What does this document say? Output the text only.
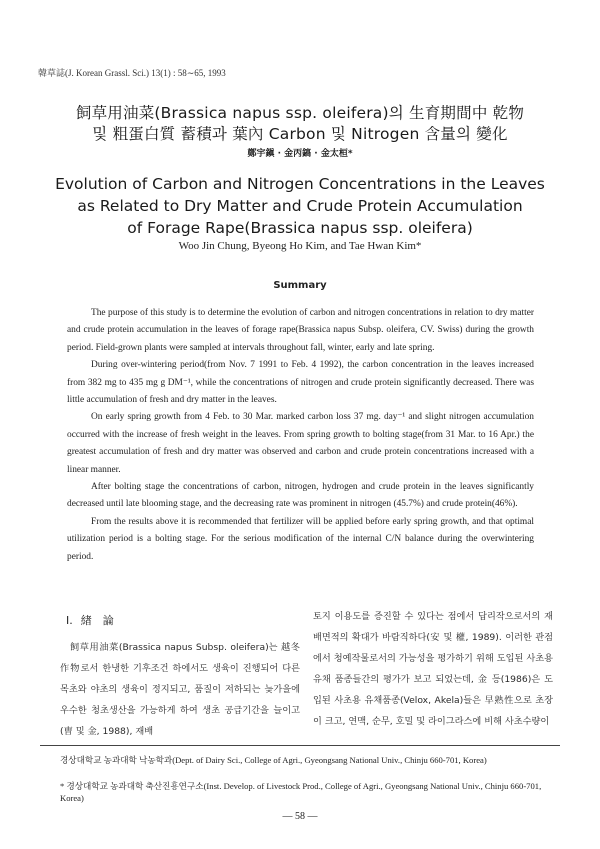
韓草誌(J. Korean Grassl. Sci.) 13(1) : 58∼65, 1993
飼草用油菜(Brassica napus ssp. oleifera)의 生育期間中 乾物
및 粗蛋白質 蓄積과 葉內 Carbon 및 Nitrogen 含量의 變化
鄭宇鎭 · 金丙鎬 · 金太桓*
Evolution of Carbon and Nitrogen Concentrations in the Leaves
as Related to Dry Matter and Crude Protein Accumulation
of Forage Rape(Brassica napus ssp. oleifera)
Woo Jin Chung, Byeong Ho Kim, and Tae Hwan Kim*
Summary

The purpose of this study is to determine the evolution of carbon and nitrogen concentrations in relation to dry matter and crude protein accumulation in the leaves of forage rape(Brassica napus Subsp. oleifera, CV. Swiss) during the growth period. Field-grown plants were sampled at intervals throughout fall, winter, early and late spring.

During over-wintering period(from Nov. 7 1991 to Feb. 4 1992), the carbon concentration in the leaves increased from 382 mg to 435 mg g DM⁻¹, while the concentrations of nitrogen and crude protein significantly decreased. There was little accumulation of fresh and dry matter in the leaves.

On early spring growth from 4 Feb. to 30 Mar. marked carbon loss 37 mg. day⁻¹ and slight nitrogen accumulation occurred with the increase of fresh weight in the leaves. From spring growth to bolting stage(from 31 Mar. to 16 Apr.) the greatest accumulation of fresh and dry matter was observed and carbon and crude protein concentrations increased with a linear manner.

After bolting stage the concentrations of carbon, nitrogen, hydrogen and crude protein in the leaves significantly decreased until late blooming stage, and the decreasing rate was prominent in nitrogen (45.7%) and crude protein(46%).

From the results above it is recommended that fertilizer will be applied before early spring growth, and that optimal utilization period is a bolting stage. For the serious modification of the internal C/N balance during the overwintering period.

Ⅰ. 緖　論

飼草用油菜(Brassica napus Subsp. oleifera)는 越冬作物로서 한냉한 기후조건 하에서도 생육이 진행되어 다른 목초와 야초의 생육이 정지되고, 품질이 저하되는 늦가을에 우수한 청초생산을 가능하게 하여 생초 공급기간을 늘이고(曺 및 金, 1988), 재배

토지 이용도를 증진할 수 있다는 점에서 답리작으로서의 재배면적의 확대가 바람직하다(安 및 權, 1989). 이러한 관점에서 청예작물로서의 가능성을 평가하기 위해 도입된 사초용유채 품종들간의 평가가 보고 되었는데, 金 등(1986)은 도입된 사초용 유채품종(Velox, Akela)들은 早熟性으로 초장이 크고, 연맥, 순무, 호밀 및 라이그라스에 비해 사초수량이

경상대학교 농과대학 낙농학과(Dept. of Dairy Sci., College of Agri., Gyeongsang National Univ., Chinju 660-701, Korea)
* 경상대학교 농과대학 축산진흥연구소(Inst. Develop. of Livestock Prod., College of Agri., Gyeongsang National Univ., Chinju 660-701, Korea)
— 58 —
